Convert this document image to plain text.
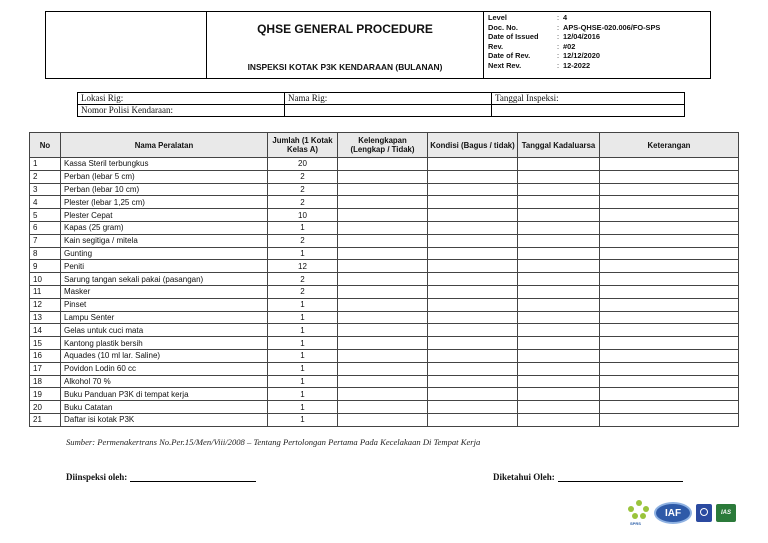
QHSE GENERAL PROCEDURE
INSPEKSI KOTAK P3K KENDARAAN (BULANAN)
Level	: 4
Doc. No.	: APS-QHSE-020.006/FO-SPS
Date of Issued	: 12/04/2016
Rev.	: #02
Date of Rev.	: 12/12/2020
Next Rev.	: 12-2022
Lokasi Rig:	Nama Rig:	Tanggal Inspeksi:
Nomor Polisi Kendaraan:		
No	Nama Peralatan	Jumlah (1 Kotak Kelas A)	Kelengkapan (Lengkap / Tidak)	Kondisi (Bagus / tidak)	Tanggal Kadaluarsa	Keterangan
1	Kassa Steril terbungkus	20				
2	Perban (lebar 5 cm)	2				
3	Perban (lebar 10 cm)	2				
4	Plester (lebar 1,25 cm)	2				
5	Plester Cepat	10				
6	Kapas (25 gram)	1				
7	Kain segitiga / mitela	2				
8	Gunting	1				
9	Peniti	12				
10	Sarung tangan sekali pakai (pasangan)	2				
11	Masker	2				
12	Pinset	1				
13	Lampu Senter	1				
14	Gelas untuk cuci mata	1				
15	Kantong plastik bersih	1				
16	Aquades (10 ml lar. Saline)	1				
17	Povidon Lodin 60 cc	1				
18	Alkohol 70 %	1				
19	Buku Panduan P3K di tempat kerja	1				
20	Buku Catatan	1				
21	Daftar isi kotak P3K	1				
Sumber: Permenakertrans No.Per.15/Men/Viii/2008 – Tentang Pertolongan Pertama Pada Kecelakaan Di Tempat Kerja
Diinspeksi oleh:	Diketahui Oleh:
SPRS
IAF	IAS
